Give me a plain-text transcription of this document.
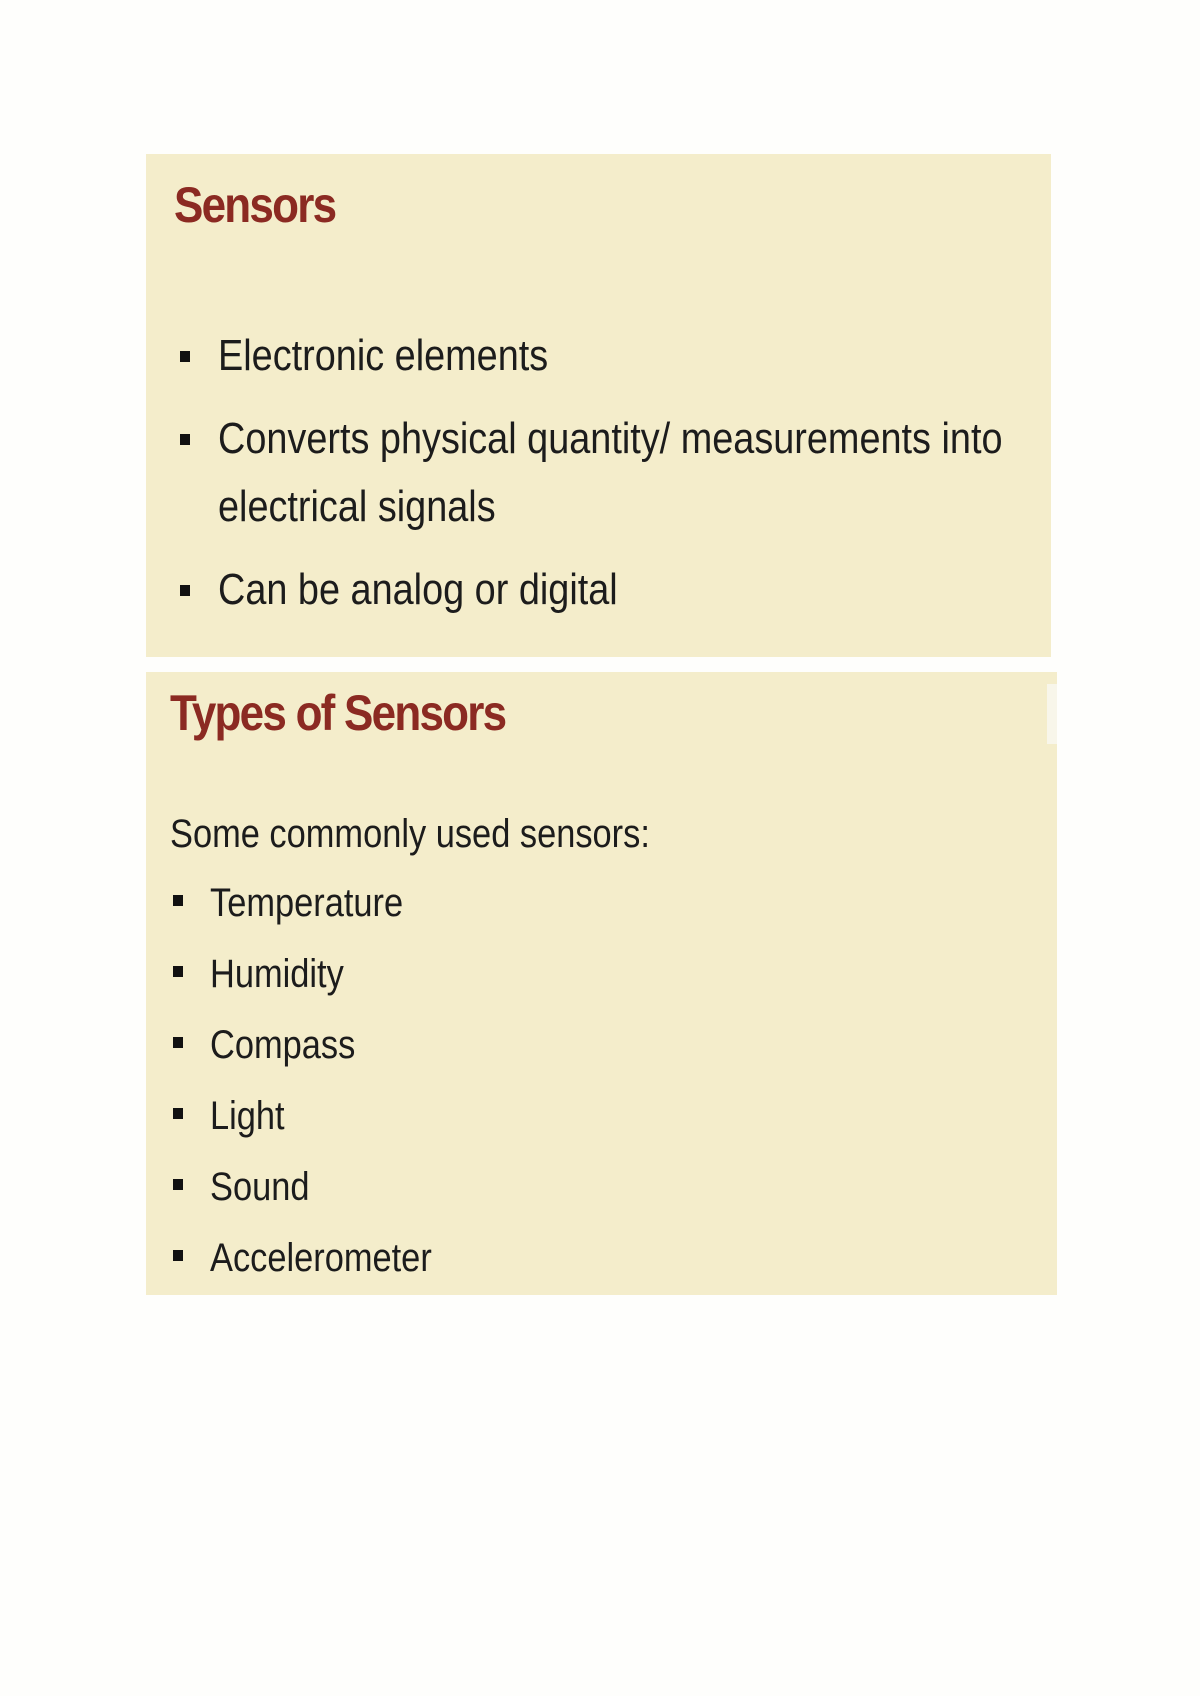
Sensors
Electronic elements
Converts physical quantity/ measurements into electrical signals
Can be analog or digital
Types of Sensors

Some commonly used sensors:

Temperature
Humidity
Compass
Light
Sound
Accelerometer
